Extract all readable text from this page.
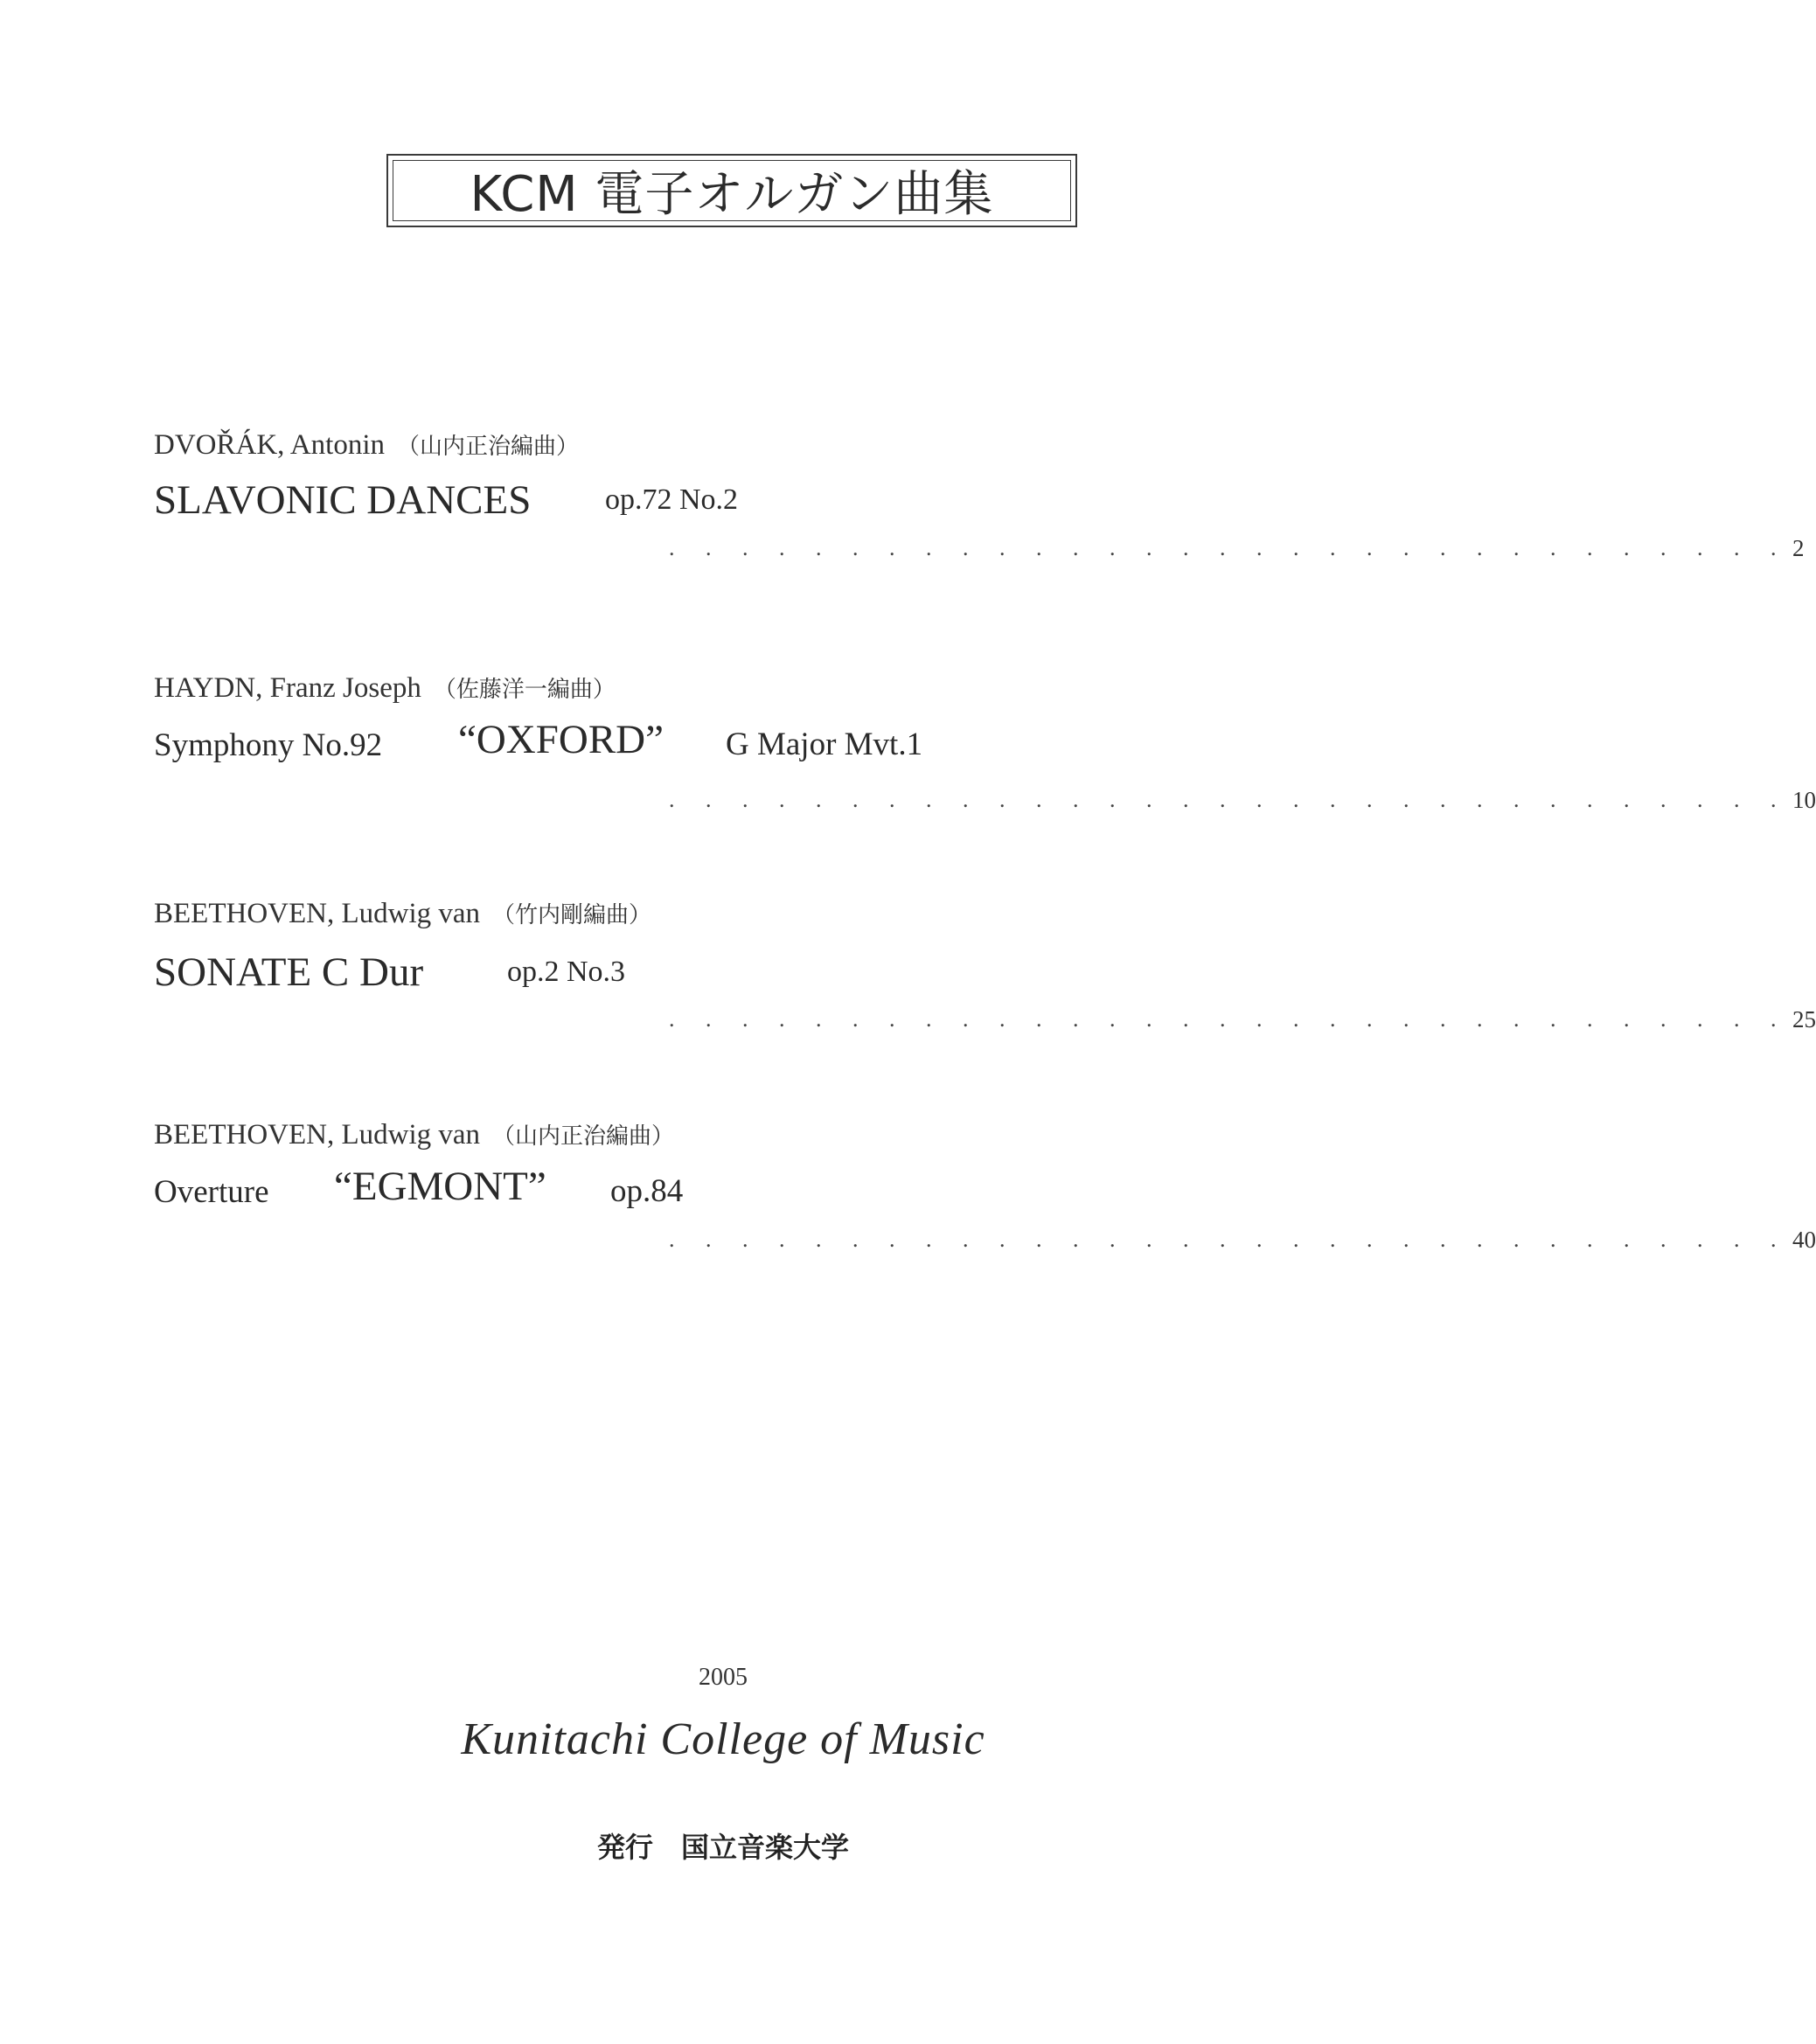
KCM 電子オルガン曲集
DVOŘÁK, Antonin （山内正治編曲）
SLAVONIC DANCES op.72 No.2
. . . . . . . . . . . . . . . . . . . . . . . . . . . . . . . 2
HAYDN, Franz Joseph （佐藤洋一編曲）
Symphony No.92 “OXFORD” G Major Mvt.1
. . . . . . . . . . . . . . . . . . . . . . . . . . . . . . . 10
BEETHOVEN, Ludwig van （竹内剛編曲）
SONATE C Dur	op.2 No.3
. . . . . . . . . . . . . . . . . . . . . . . . . . . . . . . 25
BEETHOVEN, Ludwig van （山内正治編曲）
Overture “EGMONT” op.84
. . . . . . . . . . . . . . . . . . . . . . . . . . . . . . . 40
2005
Kunitachi College of Music
発行　国立音楽大学
